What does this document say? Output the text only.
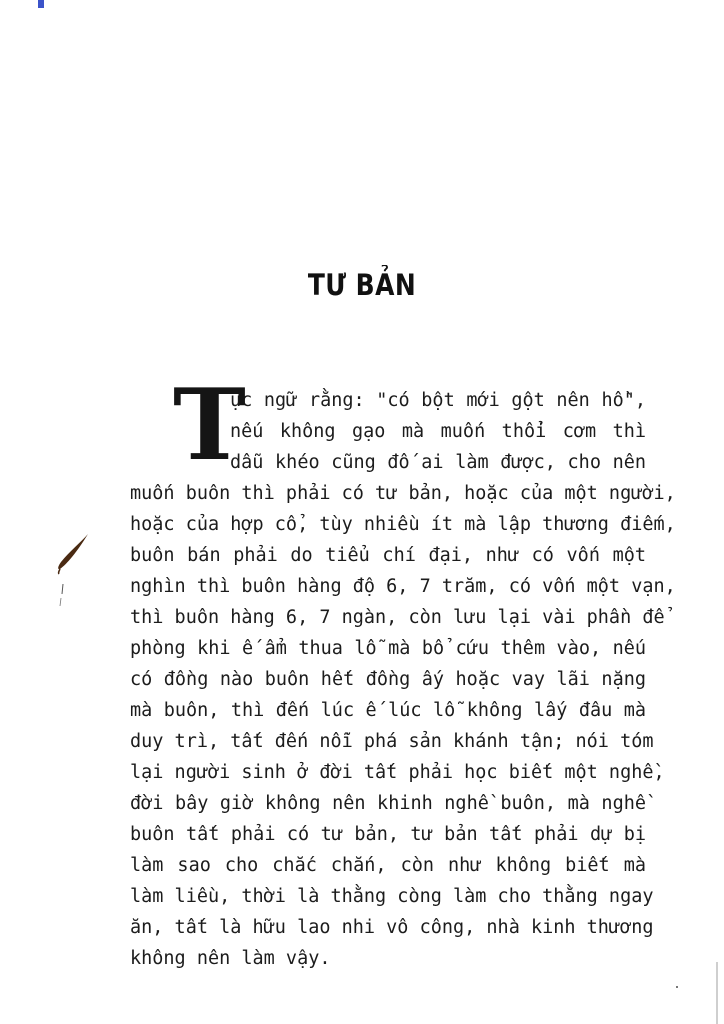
TƯ BẢN
T
ục ngữ rằng: "có bột mới gột nên hồ",
nếu không gạo mà muốn thổi cơm thì
dẫu khéo cũng đố ai làm được, cho nên
muốn buôn thì phải có tư bản, hoặc của một người,
hoặc của hợp cổ, tùy nhiều ít mà lập thương điếm,
buôn bán phải do tiểu chí đại, như có vốn một
nghìn thì buôn hàng độ 6, 7 trăm, có vốn một vạn,
thì buôn hàng 6, 7 ngàn, còn lưu lại vài phần để
phòng khi ế ẩm thua lỗ mà bổ cứu thêm vào, nếu
có đồng nào buôn hết đồng ấy hoặc vay lãi nặng
mà buôn, thì đến lúc ế lúc lỗ không lấy đâu mà
duy trì, tất đến nỗi phá sản khánh tận; nói tóm
lại người sinh ở đời tất phải học biết một nghề,
đời bây giờ không nên khinh nghề buôn, mà nghề
buôn tất phải có tư bản, tư bản tất phải dự bị
làm sao cho chắc chắn, còn như không biết mà
làm liều, thời là thằng còng làm cho thằng ngay
ăn, tất là hữu lao nhi vô công, nhà kinh thương
không nên làm vậy.
